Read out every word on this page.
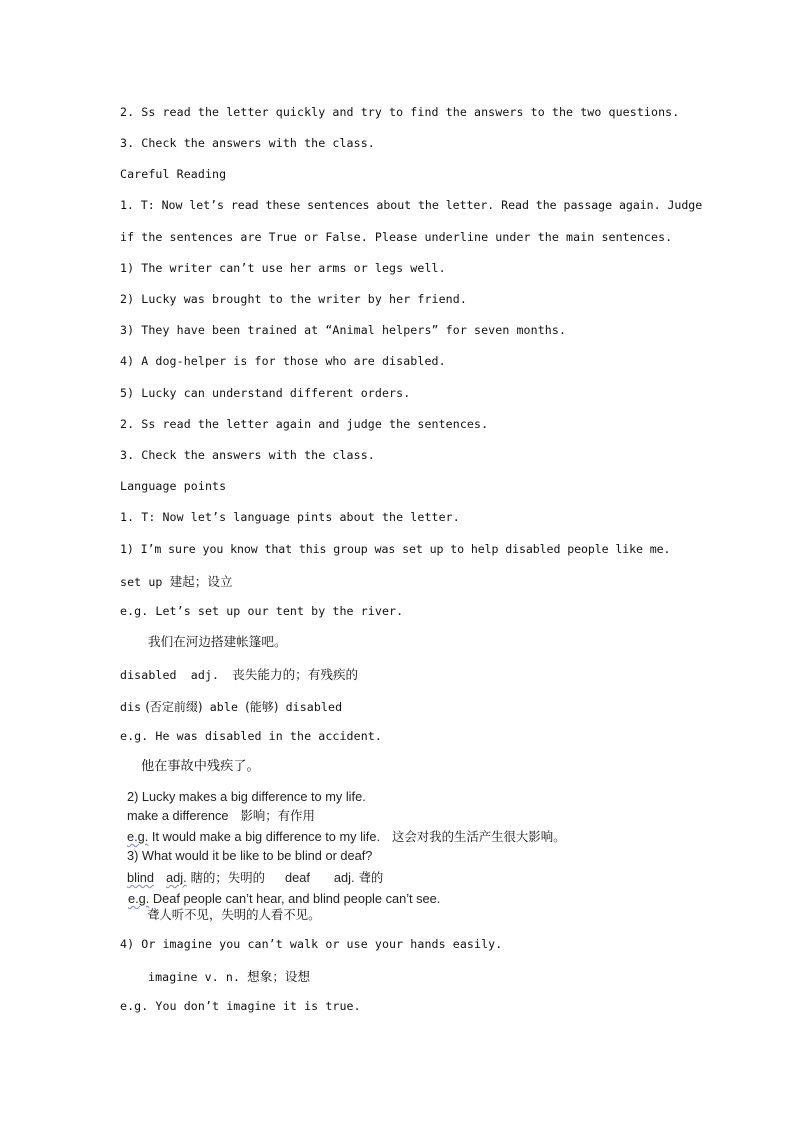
2. Ss read the letter quickly and try to find the answers to the two questions.
3. Check the answers with the class.
Careful Reading
1. T: Now let’s read these sentences about the letter. Read the passage again. Judge
if the sentences are True or False. Please underline under the main sentences.
1) The writer can’t use her arms or legs well.
2) Lucky was brought to the writer by her friend.
3) They have been trained at “Animal helpers” for seven months.
4) A dog-helper is for those who are disabled.
5) Lucky can understand different orders.
2. Ss read the letter again and judge the sentences.
3. Check the answers with the class.
Language points
1. T: Now let’s language pints about the letter.
1) I’m sure you know that this group was set up to help disabled people like me.
set up 建起；设立
e.g. Let’s set up our tent by the river.
我们在河边搭建帐篷吧。
disabled  adj. 丧失能力的；有残疾的
dis (否定前缀) able (能够) disabled
e.g. He was disabled in the accident.
他在事故中残疾了。
2) Lucky makes a big difference to my life.
make a difference 影响；有作用
e.g. It would make a big difference to my life. 这会对我的生活产生很大影响。
3) What would it be like to be blind or deaf?
blind adj. 瞎的；失明的 deaf adj. 聋的
e.g. Deaf people can’t hear, and blind people can’t see.
聋人听不见，失明的人看不见。
4) Or imagine you can’t walk or use your hands easily.
imagine v. n. 想象；设想
e.g. You don’t imagine it is true.
